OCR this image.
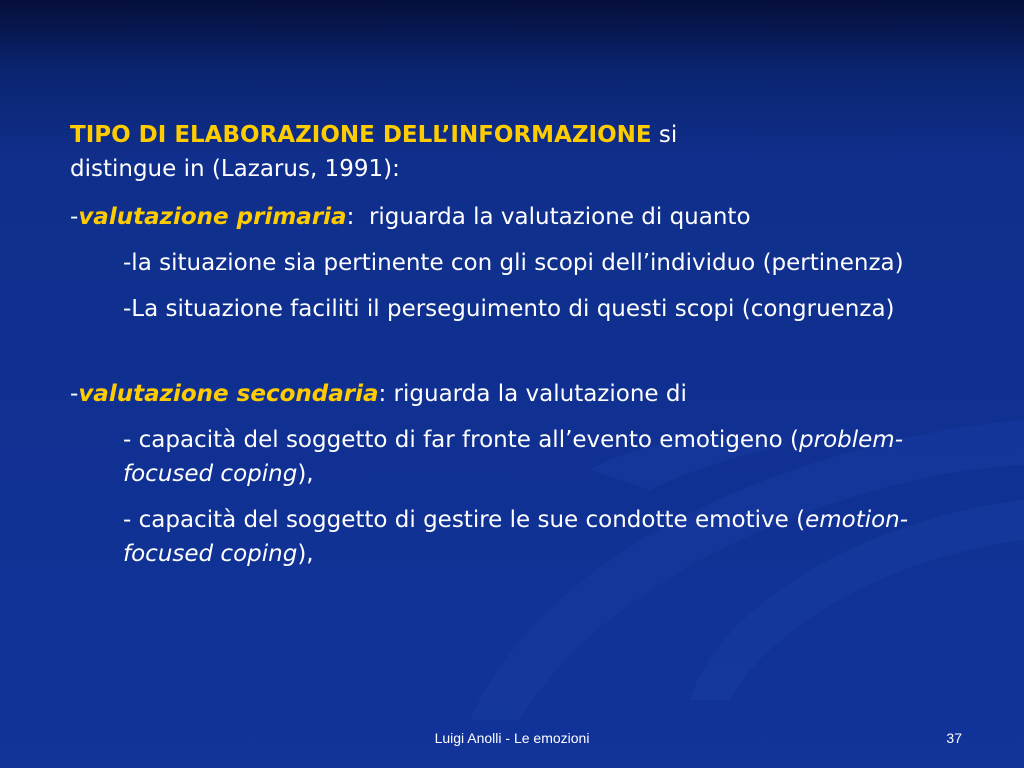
TIPO DI ELABORAZIONE DELL’INFORMAZIONE si
distingue in (Lazarus, 1991):

-valutazione primaria:  riguarda la valutazione di quanto

-la situazione sia pertinente con gli scopi dell’individuo (pertinenza)

-La situazione faciliti il perseguimento di questi scopi (congruenza)

-valutazione secondaria: riguarda la valutazione di

- capacità del soggetto di far fronte all’evento emotigeno (problem-focused coping),

- capacità del soggetto di gestire le sue condotte emotive (emotion-focused coping),

Luigi Anolli - Le emozioni	37
